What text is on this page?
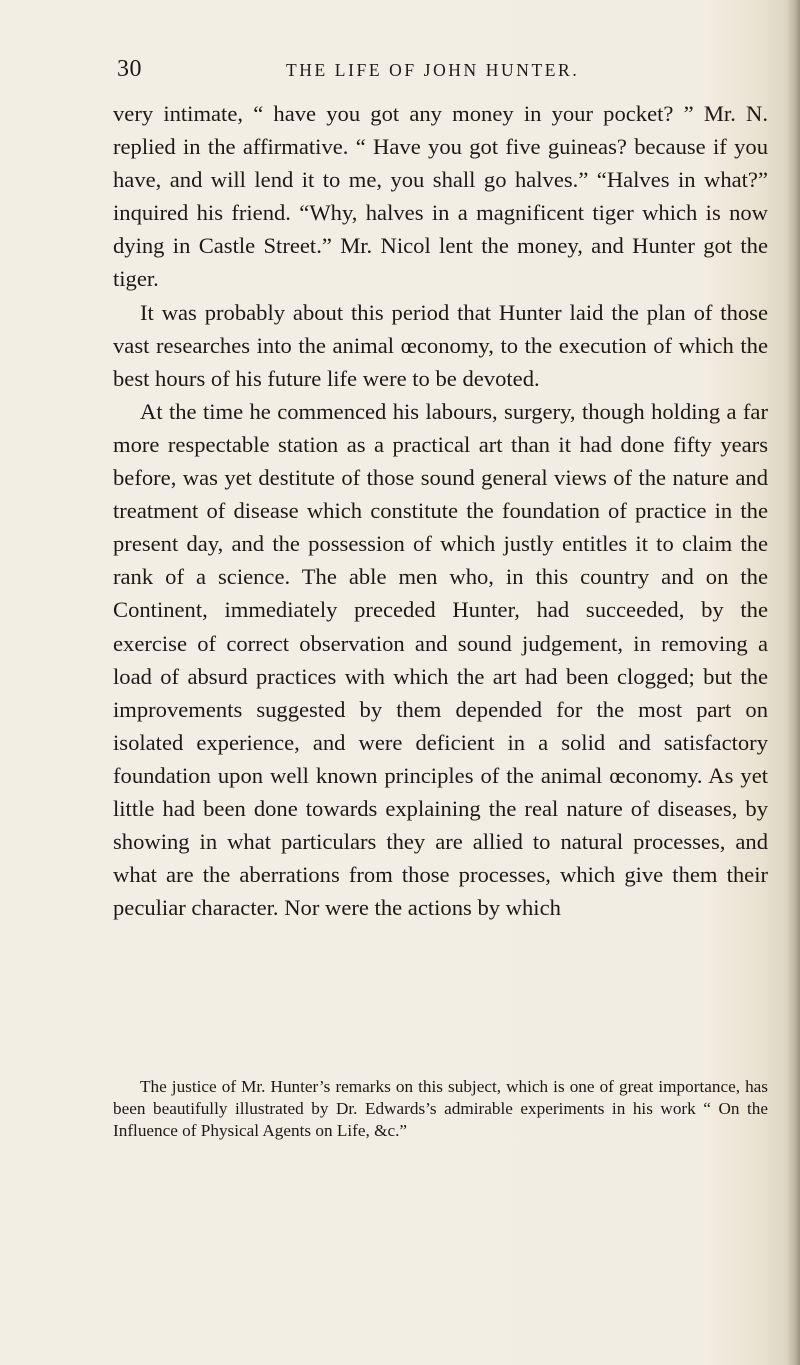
30	THE LIFE OF JOHN HUNTER.

very intimate, “ have you got any money in your pocket? ” Mr. N. replied in the affirmative. “ Have you got five guineas? because if you have, and will lend it to me, you shall go halves.” “Halves in what?” inquired his friend. “Why, halves in a magnificent tiger which is now dying in Castle Street.” Mr. Nicol lent the money, and Hunter got the tiger.

It was probably about this period that Hunter laid the plan of those vast researches into the animal œconomy, to the execution of which the best hours of his future life were to be devoted.

At the time he commenced his labours, surgery, though holding a far more respectable station as a practical art than it had done fifty years before, was yet destitute of those sound general views of the nature and treatment of disease which constitute the foundation of practice in the present day, and the possession of which justly entitles it to claim the rank of a science. The able men who, in this country and on the Continent, immediately preceded Hunter, had succeeded, by the exercise of correct observation and sound judgement, in removing a load of absurd practices with which the art had been clogged; but the improvements suggested by them depended for the most part on isolated experience, and were deficient in a solid and satisfactory foundation upon well known principles of the animal œconomy. As yet little had been done towards explaining the real nature of diseases, by showing in what particulars they are allied to natural processes, and what are the aberrations from those processes, which give them their peculiar character. Nor were the actions by which

The justice of Mr. Hunter’s remarks on this subject, which is one of great importance, has been beautifully illustrated by Dr. Edwards’s admirable experiments in his work “ On the Influence of Physical Agents on Life, &c.”
